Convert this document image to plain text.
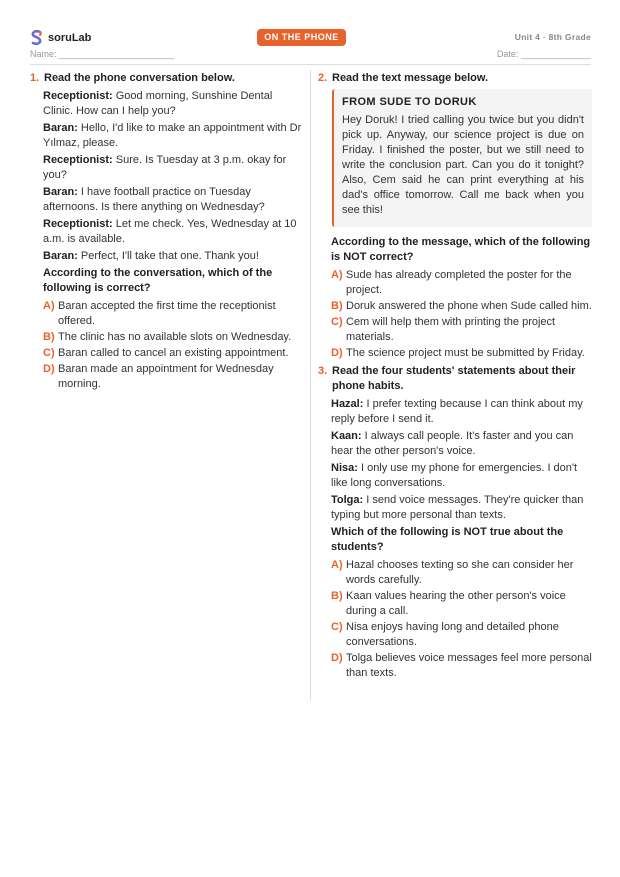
soruLab	ON THE PHONE	Unit 4 · 8th Grade
Name: _______________________	Date: ______________
1. Read the phone conversation below.
Receptionist: Good morning, Sunshine Dental Clinic. How can I help you?
Baran: Hello, I'd like to make an appointment with Dr Yılmaz, please.
Receptionist: Sure. Is Tuesday at 3 p.m. okay for you?
Baran: I have football practice on Tuesday afternoons. Is there anything on Wednesday?
Receptionist: Let me check. Yes, Wednesday at 10 a.m. is available.
Baran: Perfect, I'll take that one. Thank you!
According to the conversation, which of the following is correct?
A) Baran accepted the first time the receptionist offered.
B) The clinic has no available slots on Wednesday.
C) Baran called to cancel an existing appointment.
D) Baran made an appointment for Wednesday morning.
2. Read the text message below.
FROM SUDE TO DORUK
Hey Doruk! I tried calling you twice but you didn't pick up. Anyway, our science project is due on Friday. I finished the poster, but we still need to write the conclusion part. Can you do it tonight? Also, Cem said he can print everything at his dad's office tomorrow. Call me back when you see this!
According to the message, which of the following is NOT correct?
A) Sude has already completed the poster for the project.
B) Doruk answered the phone when Sude called him.
C) Cem will help them with printing the project materials.
D) The science project must be submitted by Friday.
3. Read the four students' statements about their phone habits.
Hazal: I prefer texting because I can think about my reply before I send it.
Kaan: I always call people. It's faster and you can hear the other person's voice.
Nisa: I only use my phone for emergencies. I don't like long conversations.
Tolga: I send voice messages. They're quicker than typing but more personal than texts.
Which of the following is NOT true about the students?
A) Hazal chooses texting so she can consider her words carefully.
B) Kaan values hearing the other person's voice during a call.
C) Nisa enjoys having long and detailed phone conversations.
D) Tolga believes voice messages feel more personal than texts.
